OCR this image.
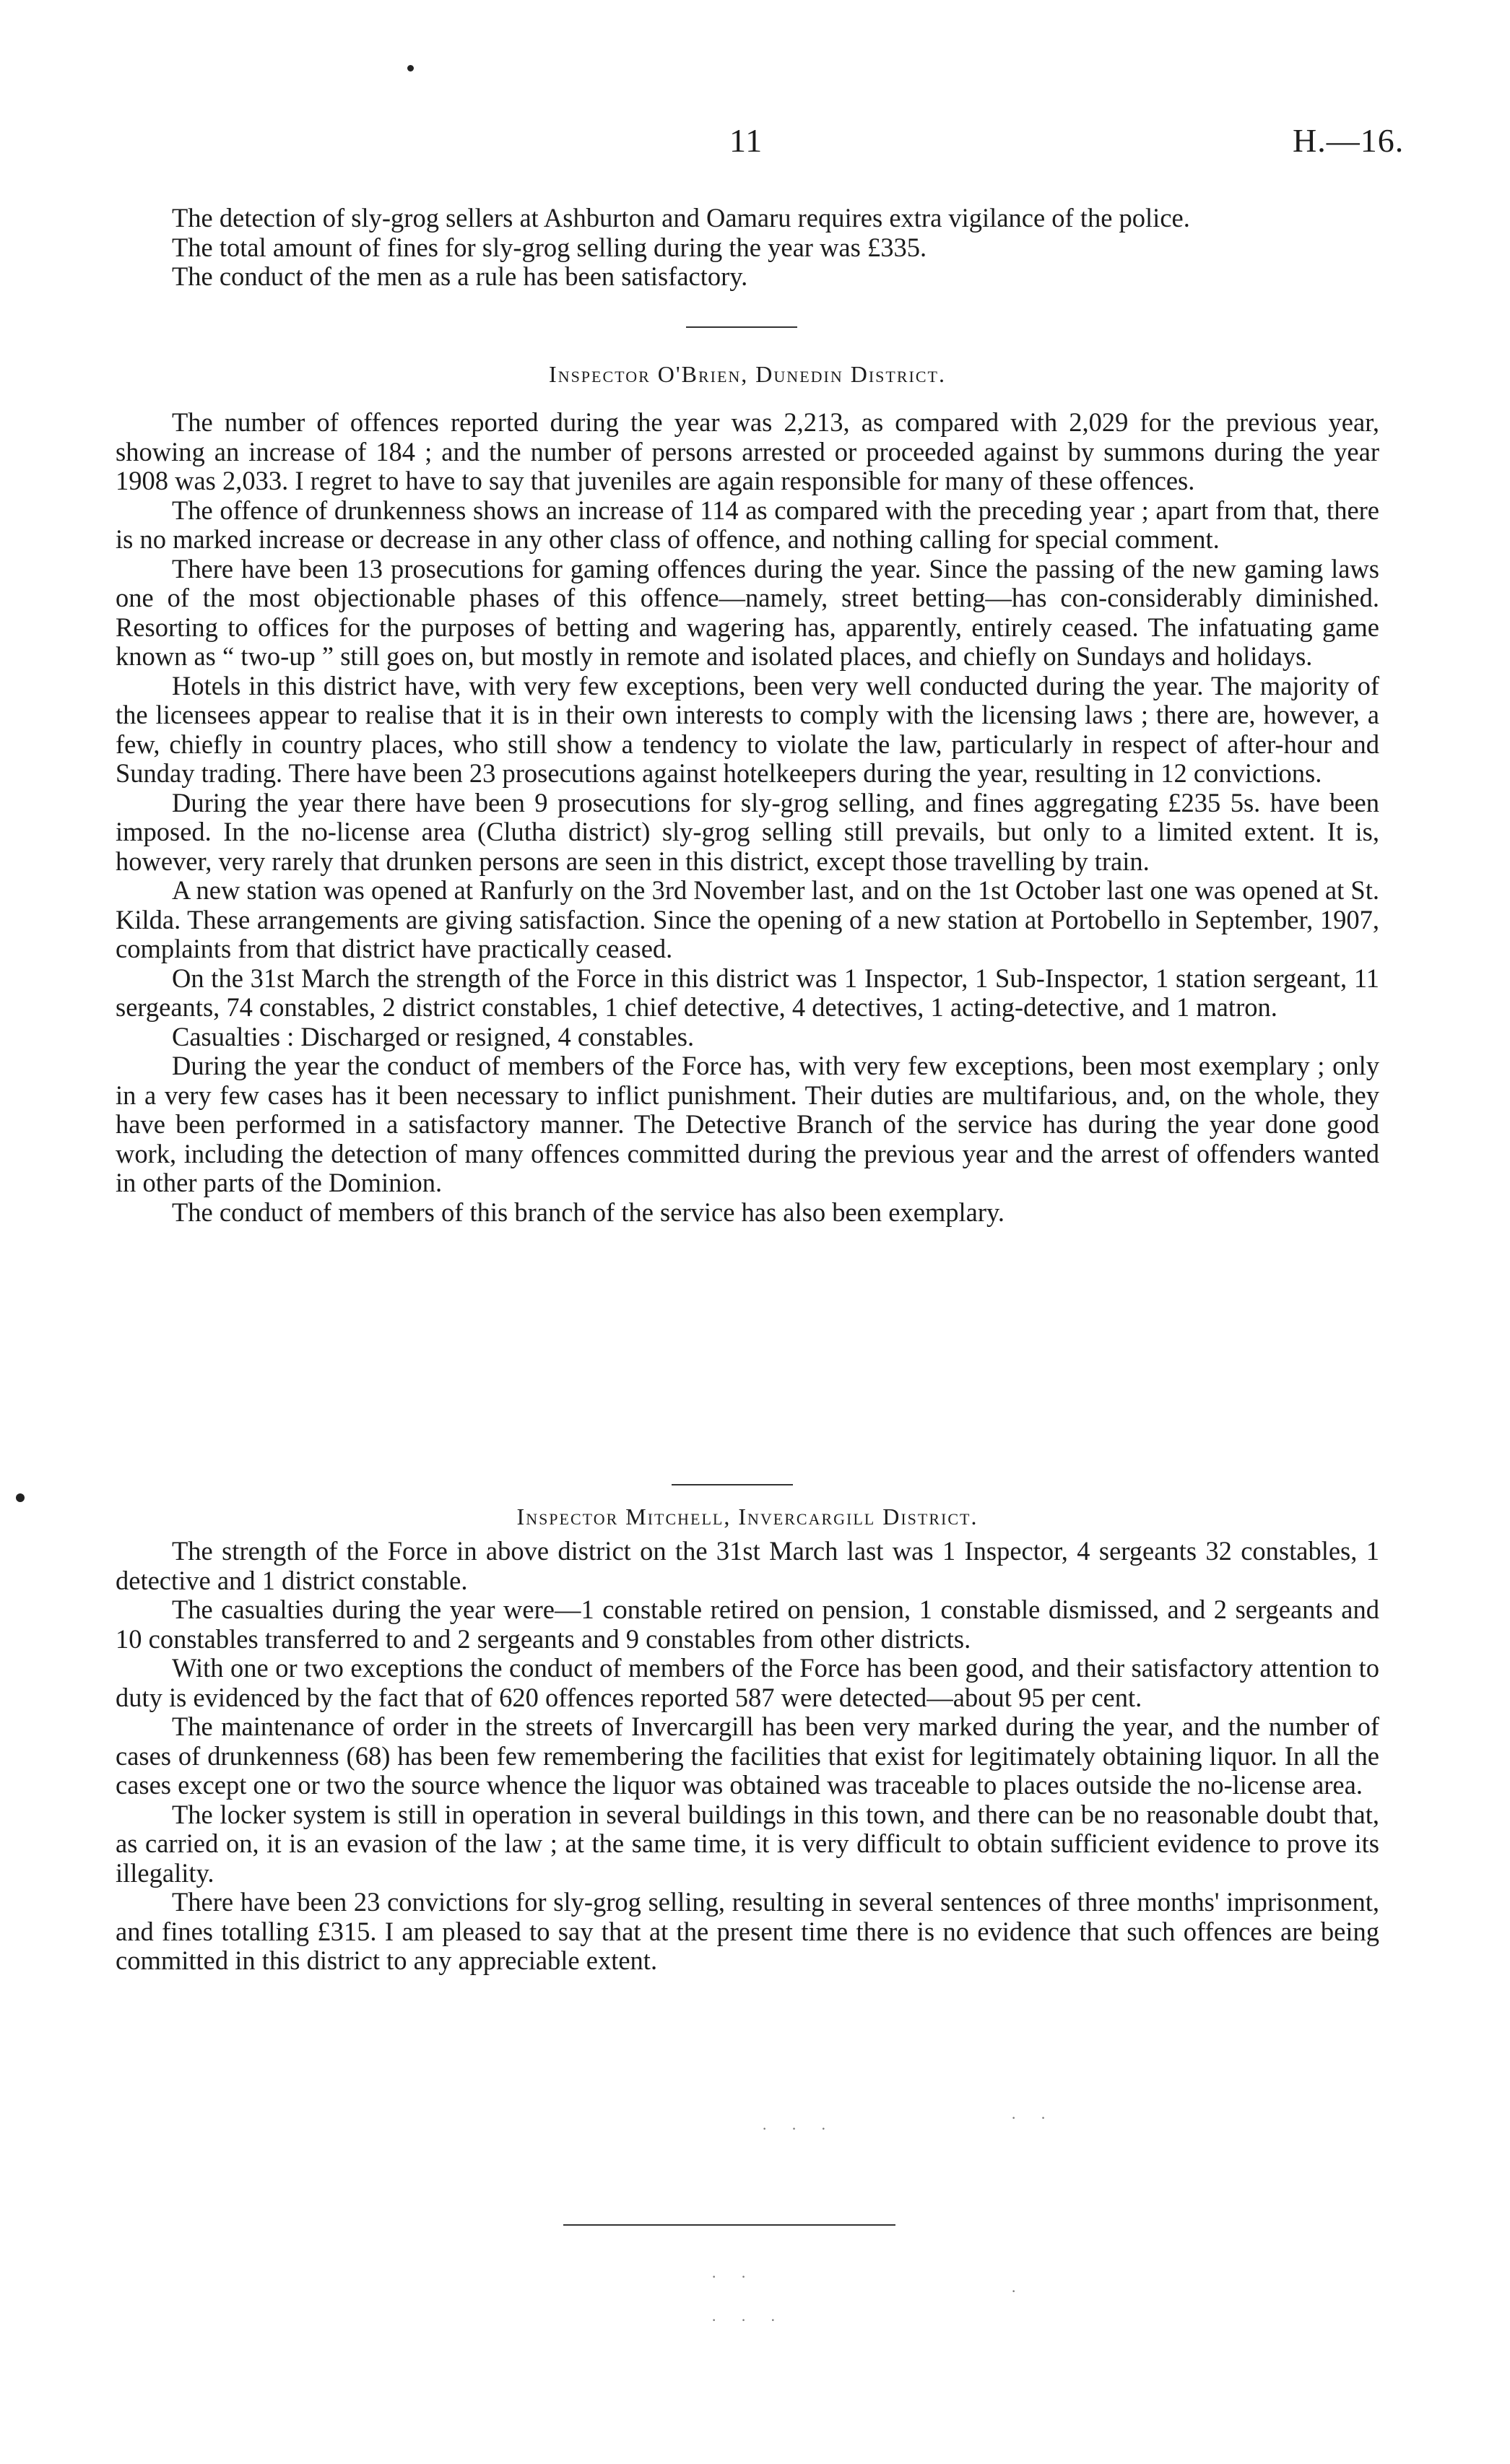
11	H.—16.

The detection of sly-grog sellers at Ashburton and Oamaru requires extra vigilance of the police.

The total amount of fines for sly-grog selling during the year was £335.

The conduct of the men as a rule has been satisfactory.

Inspector O'Brien, Dunedin District.

The number of offences reported during the year was 2,213, as compared with 2,029 for the previous year, showing an increase of 184 ; and the number of persons arrested or proceeded against by summons during the year 1908 was 2,033. I regret to have to say that juveniles are again responsible for many of these offences.

The offence of drunkenness shows an increase of 114 as compared with the preceding year ; apart from that, there is no marked increase or decrease in any other class of offence, and nothing calling for special comment.

There have been 13 prosecutions for gaming offences during the year. Since the passing of the new gaming laws one of the most objectionable phases of this offence—namely, street betting—has con-considerably diminished. Resorting to offices for the purposes of betting and wagering has, apparently, entirely ceased. The infatuating game known as “ two-up ” still goes on, but mostly in remote and isolated places, and chiefly on Sundays and holidays.

Hotels in this district have, with very few exceptions, been very well conducted during the year. The majority of the licensees appear to realise that it is in their own interests to comply with the licensing laws ; there are, however, a few, chiefly in country places, who still show a tendency to violate the law, particularly in respect of after-hour and Sunday trading. There have been 23 prosecutions against hotelkeepers during the year, resulting in 12 convictions.

During the year there have been 9 prosecutions for sly-grog selling, and fines aggregating £235 5s. have been imposed. In the no-license area (Clutha district) sly-grog selling still prevails, but only to a limited extent. It is, however, very rarely that drunken persons are seen in this district, except those travelling by train.

A new station was opened at Ranfurly on the 3rd November last, and on the 1st October last one was opened at St. Kilda. These arrangements are giving satisfaction. Since the opening of a new station at Portobello in September, 1907, complaints from that district have practically ceased.

On the 31st March the strength of the Force in this district was 1 Inspector, 1 Sub-Inspector, 1 station sergeant, 11 sergeants, 74 constables, 2 district constables, 1 chief detective, 4 detectives, 1 acting-detective, and 1 matron.

Casualties : Discharged or resigned, 4 constables.

During the year the conduct of members of the Force has, with very few exceptions, been most exemplary ; only in a very few cases has it been necessary to inflict punishment. Their duties are multifarious, and, on the whole, they have been performed in a satisfactory manner. The Detective Branch of the service has during the year done good work, including the detection of many offences committed during the previous year and the arrest of offenders wanted in other parts of the Dominion.

The conduct of members of this branch of the service has also been exemplary.

Inspector Mitchell, Invercargill District.

The strength of the Force in above district on the 31st March last was 1 Inspector, 4 sergeants 32 constables, 1 detective and 1 district constable.

The casualties during the year were—1 constable retired on pension, 1 constable dismissed, and 2 sergeants and 10 constables transferred to and 2 sergeants and 9 constables from other districts.

With one or two exceptions the conduct of members of the Force has been good, and their satisfactory attention to duty is evidenced by the fact that of 620 offences reported 587 were detected—about 95 per cent.

The maintenance of order in the streets of Invercargill has been very marked during the year, and the number of cases of drunkenness (68) has been few remembering the facilities that exist for legitimately obtaining liquor. In all the cases except one or two the source whence the liquor was obtained was traceable to places outside the no-license area.

The locker system is still in operation in several buildings in this town, and there can be no reasonable doubt that, as carried on, it is an evasion of the law ; at the same time, it is very difficult to obtain sufficient evidence to prove its illegality.

There have been 23 convictions for sly-grog selling, resulting in several sentences of three months' imprisonment, and fines totalling £315. I am pleased to say that at the present time there is no evidence that such offences are being committed in this district to any appreciable extent.

· · ·
· ·
· ·
· · ·
·
